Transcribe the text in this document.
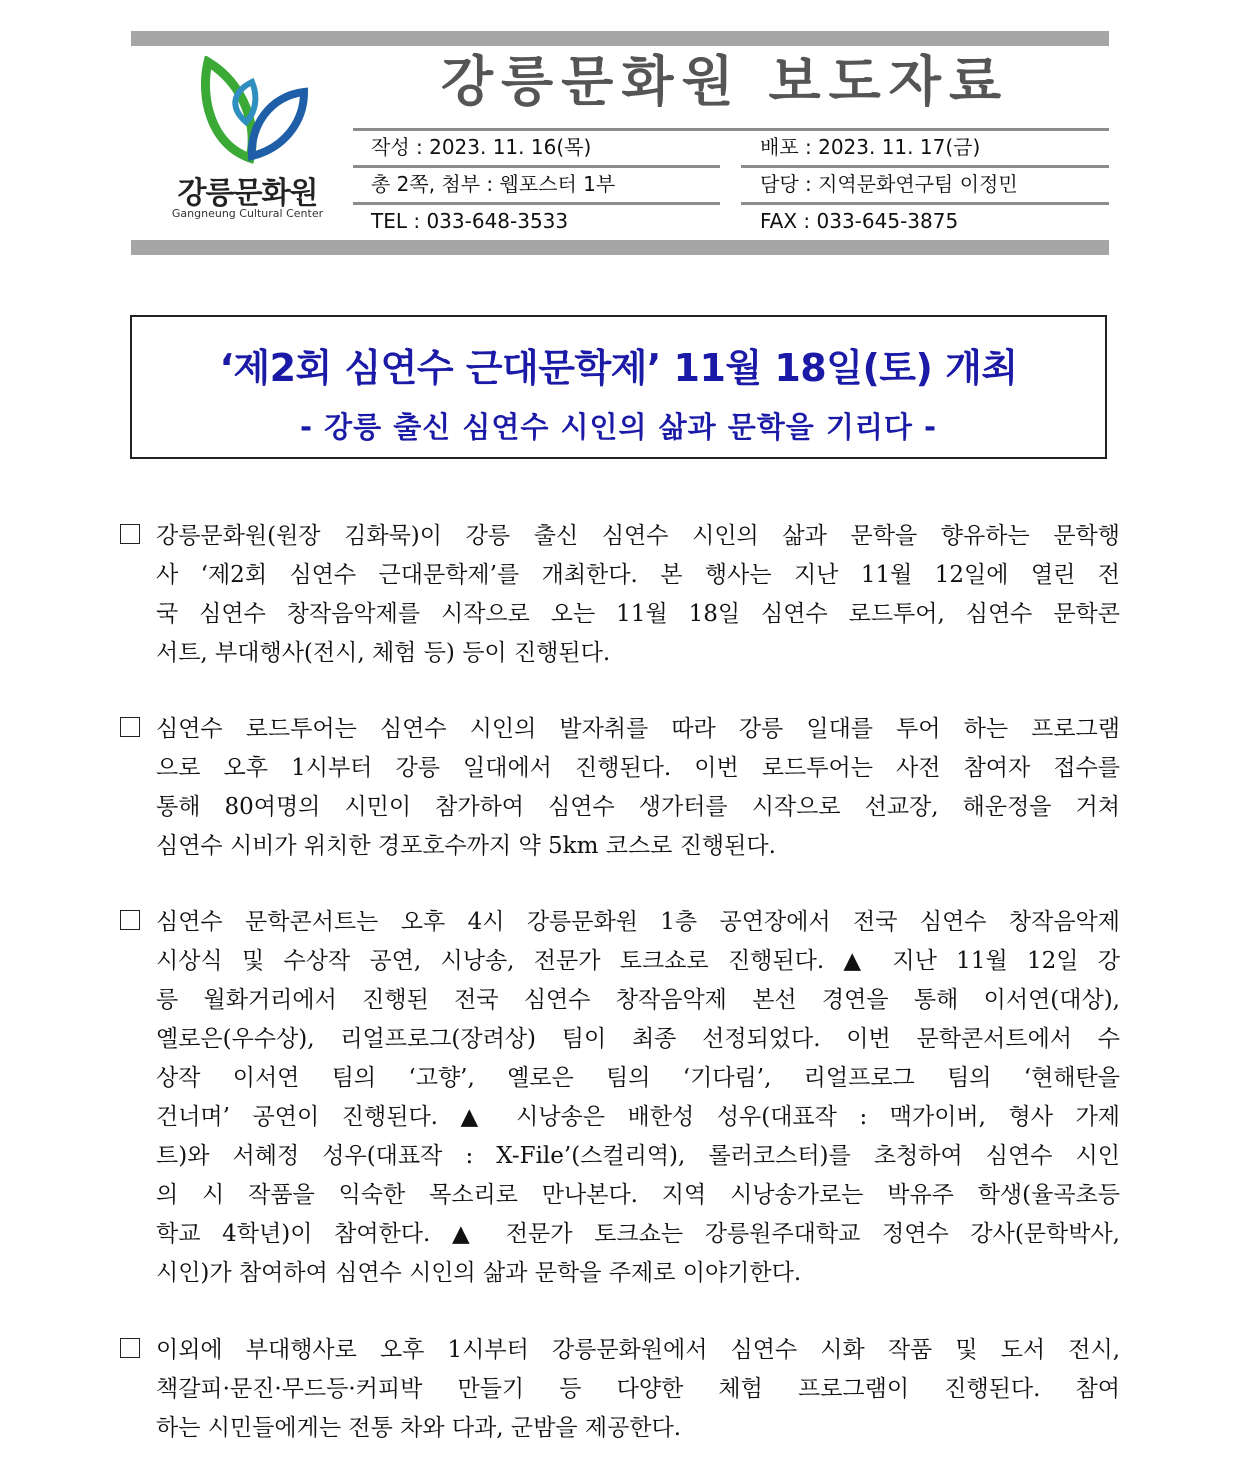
강릉문화원
Gangneung Cultural Center
강릉문화원 보도자료
작성 : 2023. 11. 16(목)	배포 : 2023. 11. 17(금)
총 2쪽, 첨부 : 웹포스터 1부	담당 : 지역문화연구팀 이정민
TEL : 033-648-3533	FAX : 033-645-3875
‘제2회 심연수 근대문학제’ 11월 18일(토) 개최
- 강릉 출신 심연수 시인의 삶과 문학을 기리다 -
강릉문화원(원장 김화묵)이 강릉 출신 심연수 시인의 삶과 문학을 향유하는 문학행
사 ‘제2회 심연수 근대문학제’를 개최한다. 본 행사는 지난 11월 12일에 열린 전
국 심연수 창작음악제를 시작으로 오는 11월 18일 심연수 로드투어, 심연수 문학콘
서트, 부대행사(전시, 체험 등) 등이 진행된다.
심연수 로드투어는 심연수 시인의 발자취를 따라 강릉 일대를 투어 하는 프로그램
으로 오후 1시부터 강릉 일대에서 진행된다. 이번 로드투어는 사전 참여자 접수를
통해 80여명의 시민이 참가하여 심연수 생가터를 시작으로 선교장, 해운정을 거쳐
심연수 시비가 위치한 경포호수까지 약 5km 코스로 진행된다.
심연수 문학콘서트는 오후 4시 강릉문화원 1층 공연장에서 전국 심연수 창작음악제
시상식 및 수상작 공연, 시낭송, 전문가 토크쇼로 진행된다. ▲ 지난 11월 12일 강
릉 월화거리에서 진행된 전국 심연수 창작음악제 본선 경연을 통해 이서연(대상),
옐로은(우수상), 리얼프로그(장려상) 팀이 최종 선정되었다. 이번 문학콘서트에서 수
상작 이서연 팀의 ‘고향’, 옐로은 팀의 ‘기다림’, 리얼프로그 팀의 ‘현해탄을
건너며’ 공연이 진행된다. ▲ 시낭송은 배한성 성우(대표작 : 맥가이버, 형사 가제
트)와 서혜정 성우(대표작 : X-File’(스컬리역), 롤러코스터)를 초청하여 심연수 시인
의 시 작품을 익숙한 목소리로 만나본다. 지역 시낭송가로는 박유주 학생(율곡초등
학교 4학년)이 참여한다. ▲ 전문가 토크쇼는 강릉원주대학교 정연수 강사(문학박사,
시인)가 참여하여 심연수 시인의 삶과 문학을 주제로 이야기한다.
이외에 부대행사로 오후 1시부터 강릉문화원에서 심연수 시화 작품 및 도서 전시,
책갈피·문진·무드등·커피박 만들기 등 다양한 체험 프로그램이 진행된다. 참여
하는 시민들에게는 전통 차와 다과, 군밤을 제공한다.
